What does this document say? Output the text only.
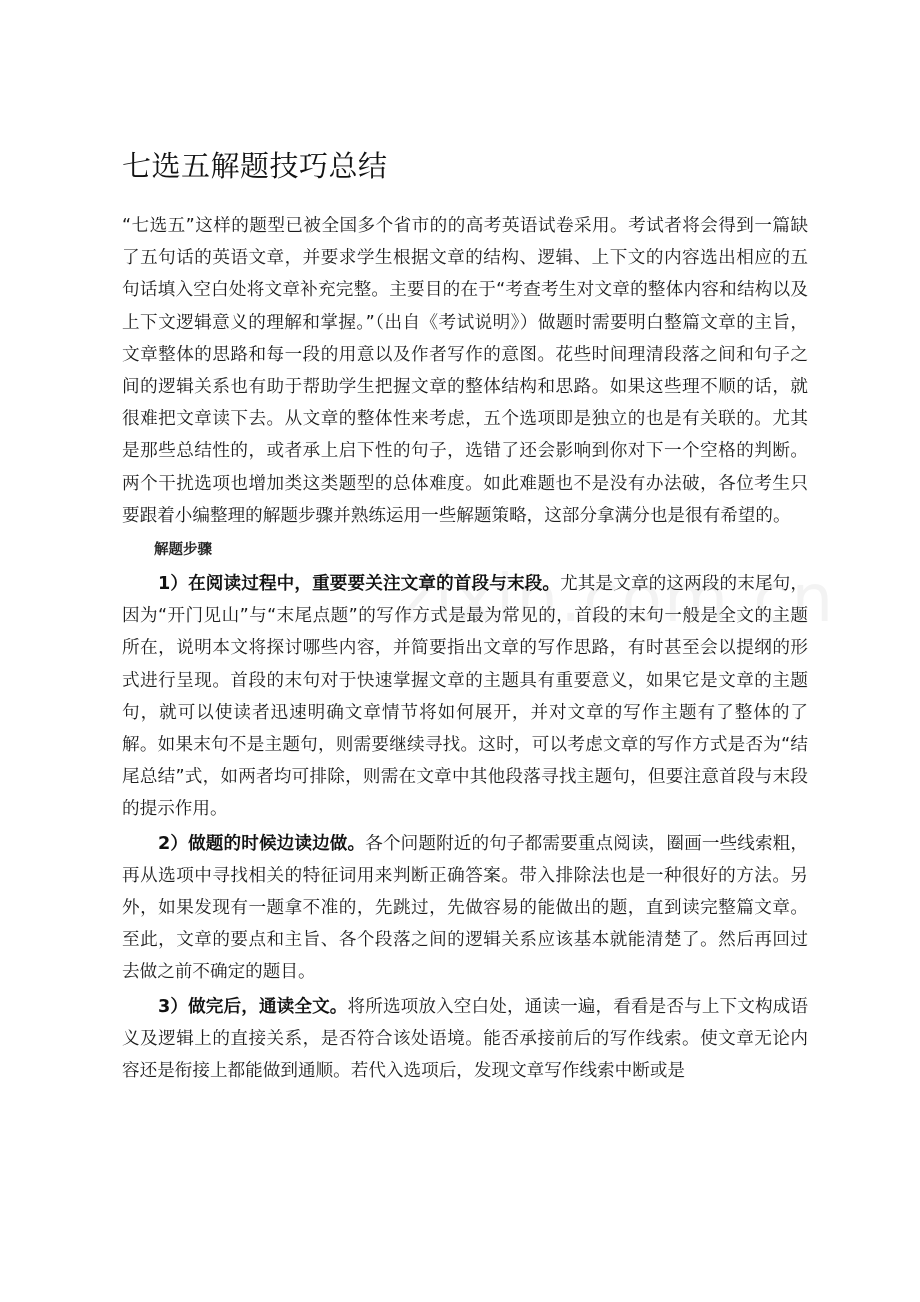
七选五解题技巧总结

“七选五”这样的题型已被全国多个省市的的高考英语试卷采用。考试者将会得到一篇缺了五句话的英语文章，并要求学生根据文章的结构、逻辑、上下文的内容选出相应的五句话填入空白处将文章补充完整。主要目的在于“考查考生对文章的整体内容和结构以及上下文逻辑意义的理解和掌握。”（出自《考试说明》）做题时需要明白整篇文章的主旨，文章整体的思路和每一段的用意以及作者写作的意图。花些时间理清段落之间和句子之间的逻辑关系也有助于帮助学生把握文章的整体结构和思路。如果这些理不顺的话，就很难把文章读下去。从文章的整体性来考虑，五个选项即是独立的也是有关联的。尤其是那些总结性的，或者承上启下性的句子，选错了还会影响到你对下一个空格的判断。两个干扰选项也增加类这类题型的总体难度。如此难题也不是没有办法破，各位考生只要跟着小编整理的解题步骤并熟练运用一些解题策略，这部分拿满分也是很有希望的。

解题步骤

1）在阅读过程中，重要要关注文章的首段与末段。尤其是文章的这两段的末尾句，因为“开门见山”与“末尾点题”的写作方式是最为常见的，首段的末句一般是全文的主题所在，说明本文将探讨哪些内容，并简要指出文章的写作思路，有时甚至会以提纲的形式进行呈现。首段的末句对于快速掌握文章的主题具有重要意义，如果它是文章的主题句，就可以使读者迅速明确文章情节将如何展开，并对文章的写作主题有了整体的了解。如果末句不是主题句，则需要继续寻找。这时，可以考虑文章的写作方式是否为“结尾总结”式，如两者均可排除，则需在文章中其他段落寻找主题句，但要注意首段与末段的提示作用。

2）做题的时候边读边做。各个问题附近的句子都需要重点阅读，圈画一些线索粗，再从选项中寻找相关的特征词用来判断正确答案。带入排除法也是一种很好的方法。另外，如果发现有一题拿不准的，先跳过，先做容易的能做出的题，直到读完整篇文章。至此，文章的要点和主旨、各个段落之间的逻辑关系应该基本就能清楚了。然后再回过去做之前不确定的题目。

3）做完后，通读全文。将所选项放入空白处，通读一遍，看看是否与上下文构成语义及逻辑上的直接关系，是否符合该处语境。能否承接前后的写作线索。使文章无论内容还是衔接上都能做到通顺。若代入选项后，发现文章写作线索中断或是
